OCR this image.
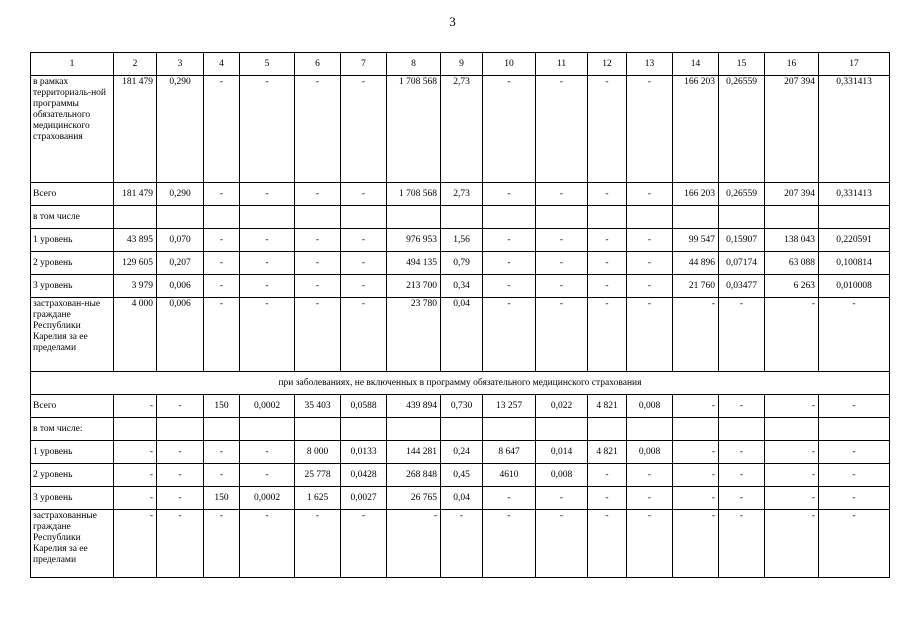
3
1	2	3	4	5	6	7	8	9	10	11	12	13	14	15	16	17
в рамках территориаль-ной программы обязательного медицинского страхования	181 479	0,290	-	-	-	-	1 708 568	2,73	-	-	-	-	166 203	0,26559	207 394	0,331413
Всего	181 479	0,290	-	-	-	-	1 708 568	2,73	-	-	-	-	166 203	0,26559	207 394	0,331413
в том числе																
1 уровень	43 895	0,070	-	-	-	-	976 953	1,56	-	-	-	-	99 547	0,15907	138 043	0,220591
2 уровень	129 605	0,207	-	-	-	-	494 135	0,79	-	-	-	-	44 896	0,07174	63 088	0,100814
3 уровень	3 979	0,006	-	-	-	-	213 700	0,34	-	-	-	-	21 760	0,03477	6 263	0,010008
застрахован-ные граждане Республики Карелия за ее пределами	4 000	0,006	-	-	-	-	23 780	0,04	-	-	-	-	-	-	-	-
при заболеваниях, не включенных в программу обязательного медицинского страхования																
Всего	-	-	150	0,0002	35 403	0,0588	439 894	0,730	13 257	0,022	4 821	0,008	-	-	-	-
в том числе:																
1 уровень	-	-	-	-	8 000	0,0133	144 281	0,24	8 647	0,014	4 821	0,008	-	-	-	-
2 уровень	-	-	-	-	25 778	0,0428	268 848	0,45	4610	0,008	-	-	-	-	-	-
3 уровень	-	-	150	0,0002	1 625	0,0027	26 765	0,04	-	-	-	-	-	-	-	-
застрахованные граждане Республики Карелия за ее пределами	-	-	-	-	-	-	-	-	-	-	-	-	-	-	-	-
